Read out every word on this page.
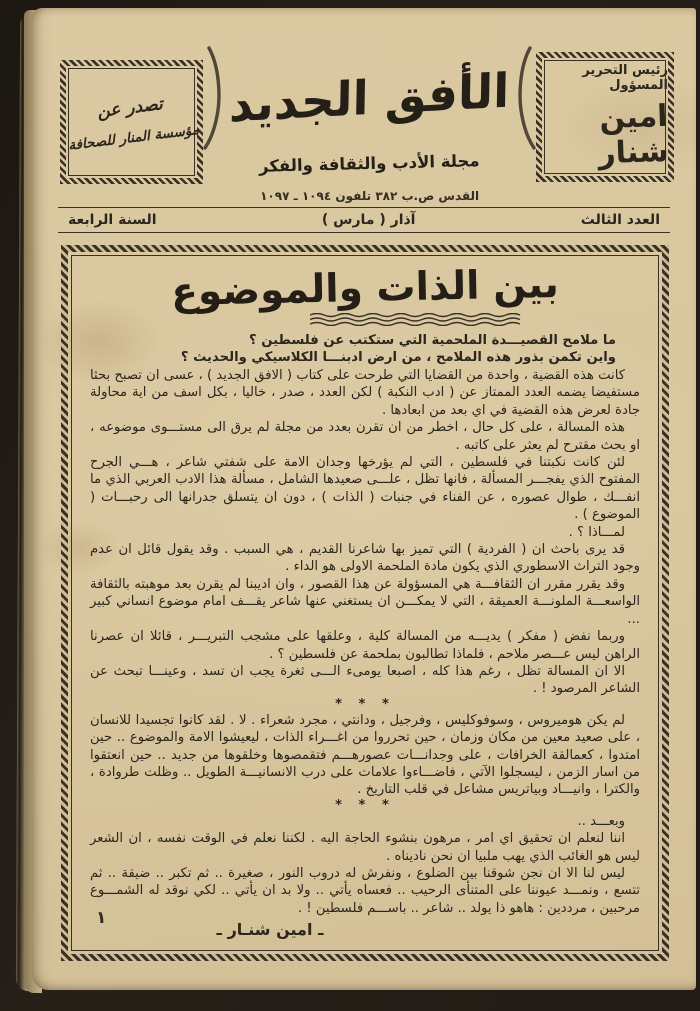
رئيس التحرير المسؤول
امين شنار
الأفق الجديد
مجلة الأدب والثقافة والفكر
القدس ص.ب ٣٨٢ تلفون ١٠٩٤ ـ ١٠٩٧
تصدر عن
مؤسسة المنار للصحافة
العدد الثالث
آذار ( مارس )
السنة الرابعة
بين الذات والموضوع

ما ملامح القصيـــدة الملحمية التي ستكتب عن فلسطين ؟

واين تكمن بذور هذه الملامح ، من ارض ادبنـــا الكلاسيكي والحديث ؟

كانت هذه القضية ، واحدة من القضايا التي طرحت على كتاب ( الافق الجديد ) ، عسى ان تصبح بحثا مستفيضا يضمه العدد الممتاز عن ( ادب النكبة ) لكن العدد ، صدر ، خاليا ، بكل اسف من اية محاولة جادة لعرض هذه القضية في اي بعد من ابعادها .

هذه المسالة ، على كل حال ، اخطر من ان تقرن بعدد من مجلة لم يرق الى مستـــوى موضوعه ، او بحث مقترح لم يعثر على كاتبه .

لئن كانت نكبتنا في فلسطين ، التي لم يؤرخها وجدان الامة على شفتي شاعر ، هـــي الجرح المفتوح الذي يفجـــر المسألة ، فانها تظل ، علـــى صعيدها الشامل ، مسألة هذا الادب العربي الذي ما انفـــك ، طوال عصوره ، عن الفناء في جنبات ( الذات ) ، دون ان يتسلق جدرانها الى رحبـــات ( الموضوع ) .

لمـــاذا ؟ .

قد يرى باحث ان ( الفردية ) التي تميز بها شاعرنا القديم ، هي السبب . وقد يقول قائل ان عدم وجود التراث الاسطوري الذي يكون مادة الملحمة الاولى هو الداء .

وقد يقرر مقرر ان الثقافـــة هي المسؤولة عن هذا القصور ، وان اديبنا لم يقرن بعد موهبته بالثقافة الواسعـــة الملونـــة العميقة ، التي لا يمكـــن ان يستغني عنها شاعر يقـــف امام موضوع انساني كبير ...

وربما نفض ( مفكر ) يديـــه من المسالة كلية ، وعلقها على مشجب التبريـــر ، قائلا ان عصرنا الراهن ليس عـــصر ملاحم ، فلماذا تطالبون بملحمة عن فلسطين ؟ .

الا ان المسالة تظل ، رغم هذا كله ، اصبعا يومىء الـــى ثغرة يجب ان تسد ، وعينـــا تبحث عن الشاعر المرصود ! .

* * *

لم يكن هوميروس ، وسوفوكليس ، وفرجيل ، ودانتي ، مجرد شعراء . لا . لقد كانوا تجسيدا للانسان ، على صعيد معين من مكان وزمان ، حين تحرروا من اغـــراء الذات ، ليعيشوا الامة والموضوع .. حين امتدوا ، كعمالقة الخرافات ، على وجدانـــات عصورهـــم فتقمصوها وخلقوها من جديد .. حين انعتقوا من اسار الزمن ، ليسجلوا الآتي ، فاضـــاءوا علامات على درب الانسانيـــة الطويل .. وظلت طروادة ، والكترا ، وانيـــاد وبياتريس مشاعل في قلب التاريخ .

* * *

وبعـــد ..

اننا لنعلم ان تحقيق اي امر ، مرهون بنشوء الحاجة اليه . لكننا نعلم في الوقت نفسه ، ان الشعر ليس هو الغائب الذي يهب ملبيا ان نحن ناديناه .

ليس لنا الا ان نجن شوقنا بين الضلوع ، ونفرش له دروب النور ، صغيرة .. ثم تكبر .. ضيقة .. ثم تتسع ، ونمـــد عيوننا على المتنأى الرحيب .. فعساه يأتي .. ولا بد ان يأتي .. لكي نوقد له الشمـــوع مرحبين ، مرددين : هاهو ذا يولد .. شاعر .. باســـم فلسطين ! .

ـ امين شنـار ـ
١
